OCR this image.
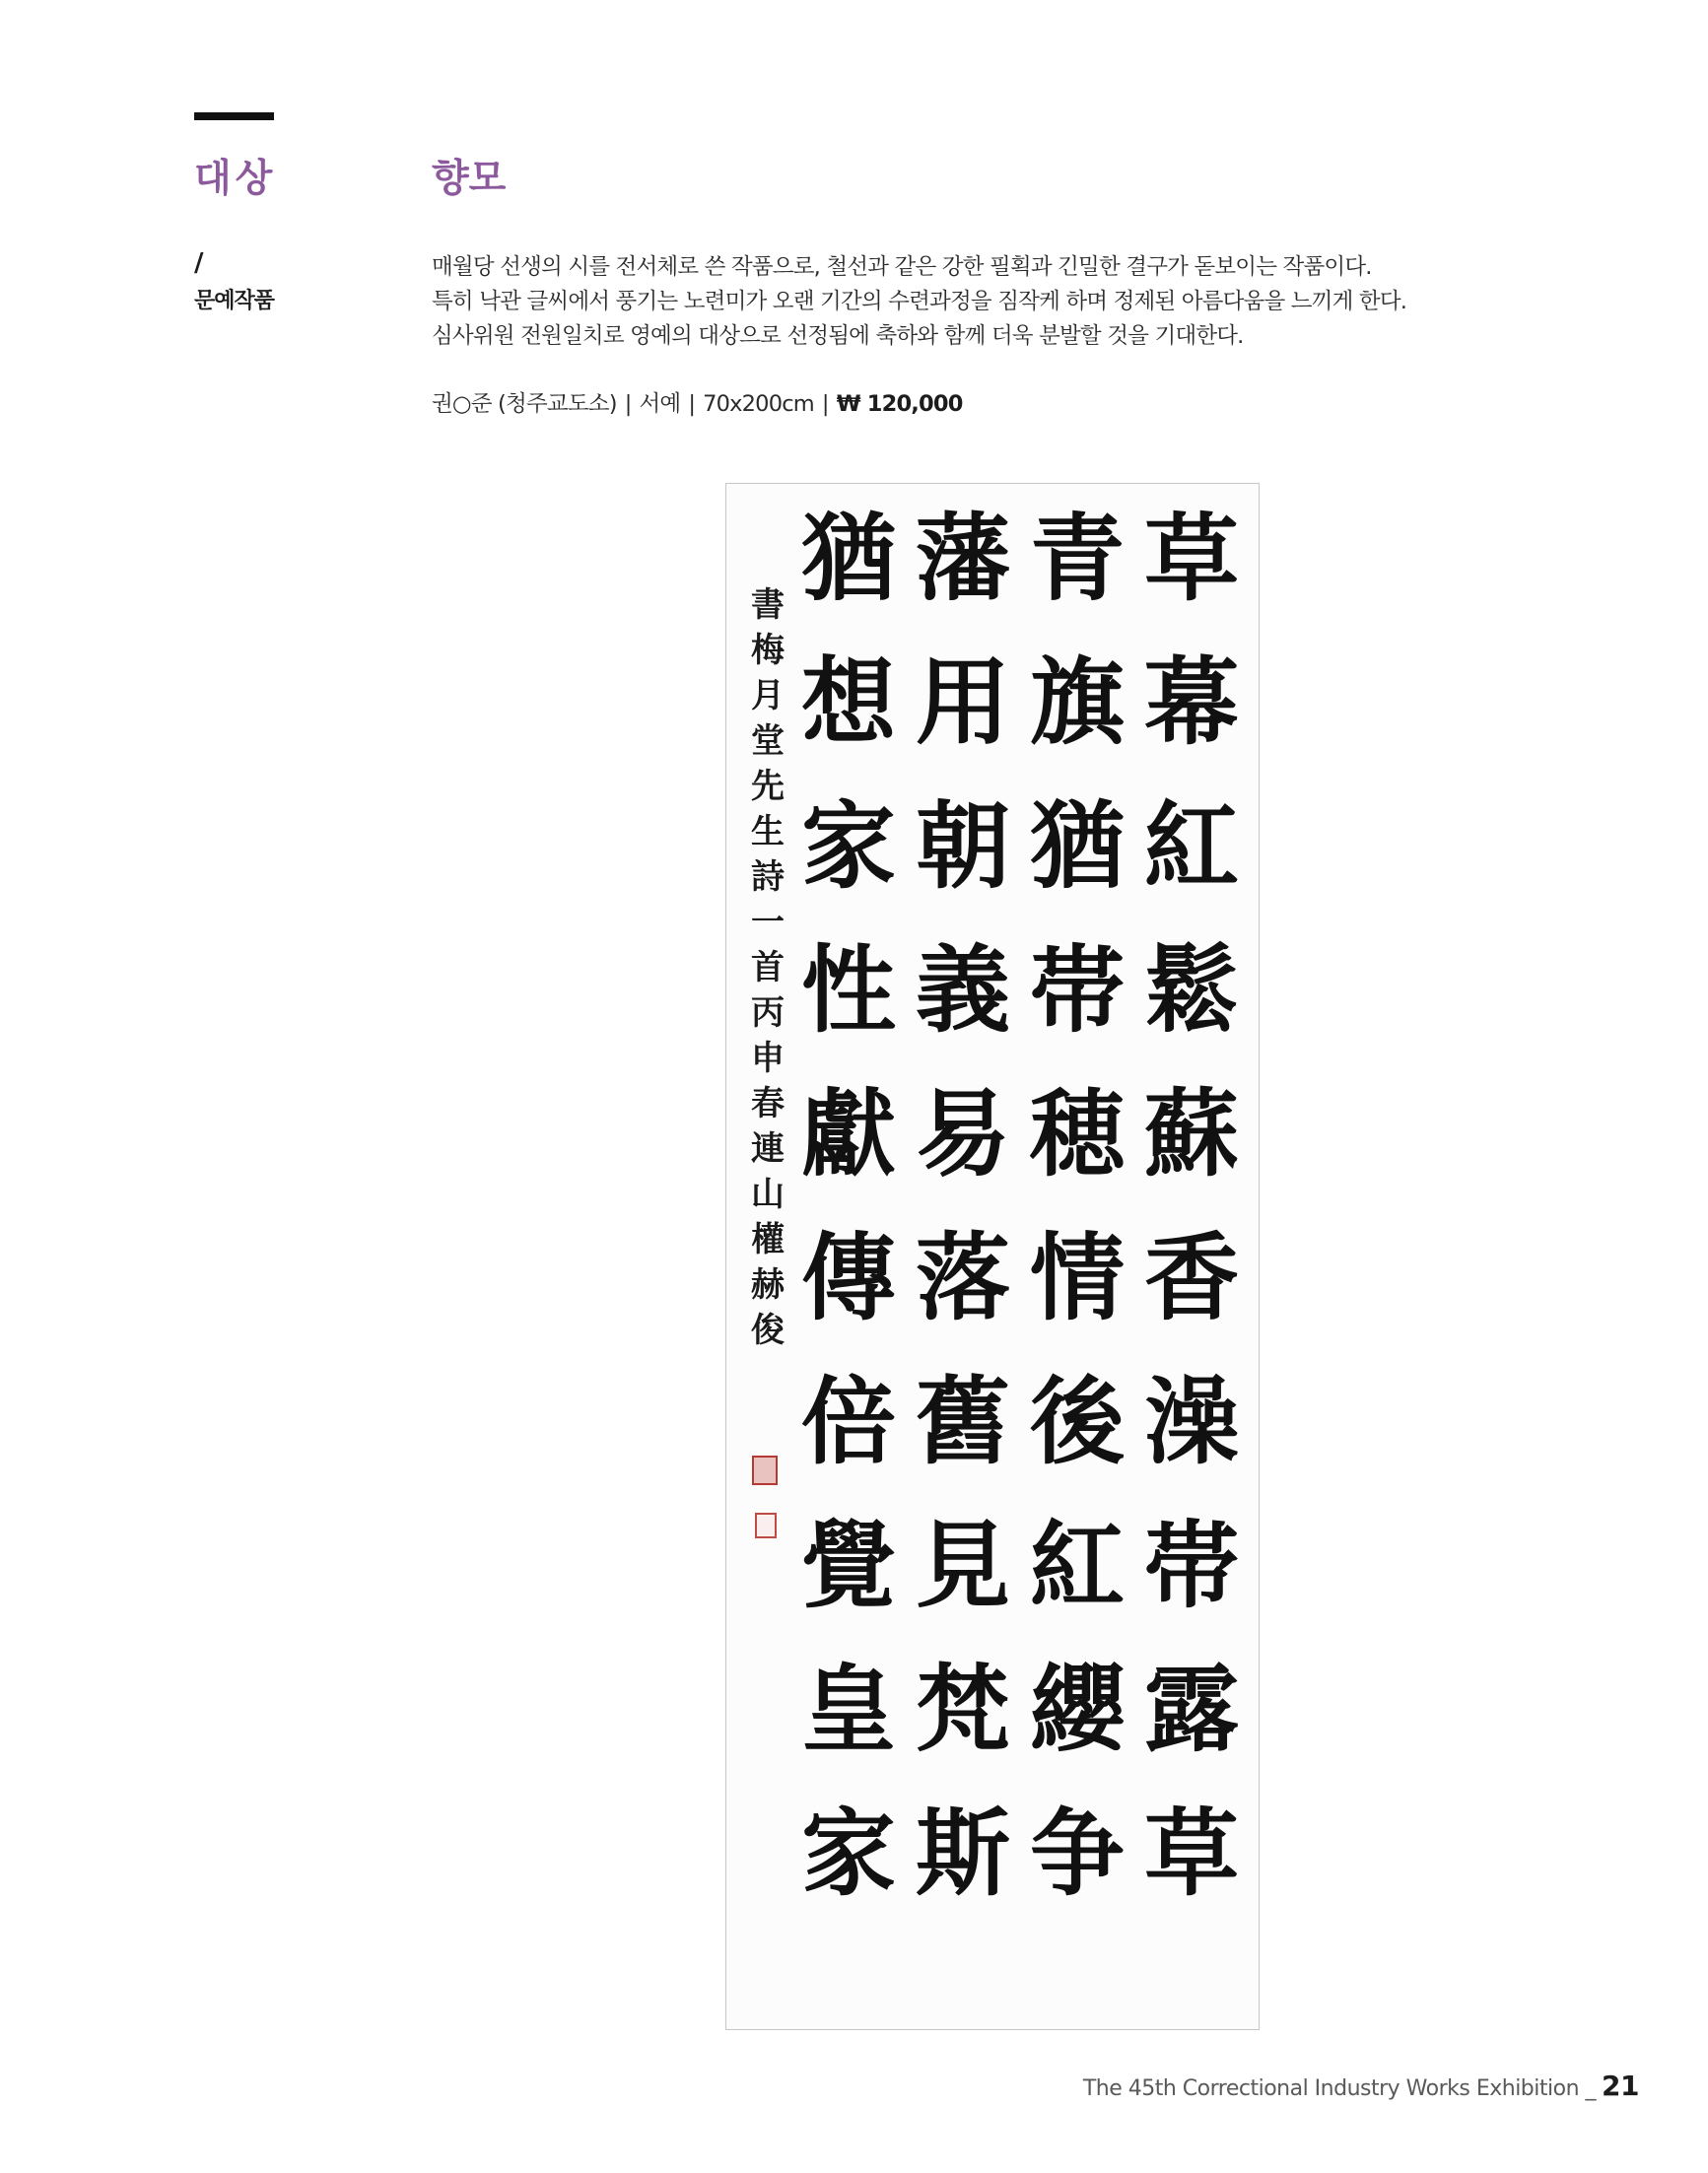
대상	향모
/
문예작품
매월당 선생의 시를 전서체로 쓴 작품으로, 철선과 같은 강한 필획과 긴밀한 결구가 돋보이는 작품이다.
특히 낙관 글씨에서 풍기는 노련미가 오랜 기간의 수련과정을 짐작케 하며 정제된 아름다움을 느끼게 한다.
심사위원 전원일치로 영예의 대상으로 선정됨에 축하와 함께 더욱 분발할 것을 기대한다.
권○준 (청주교도소) | 서예 | 70x200cm | ₩ 120,000
草
幕
紅
鬆
蘇
香
澡
帯
露
草
青
旗
猶
帯
穂
情
後
紅
纓
争
藩
用
朝
義
易
落
舊
見
梵
斯
猶
想
家
性
獻
傳
倍
覺
皇
家
書
梅
月
堂
先
生
詩
一
首
丙
申
春
連
山
權
赫
俊
The 45th Correctional Industry Works Exhibition _ 21
